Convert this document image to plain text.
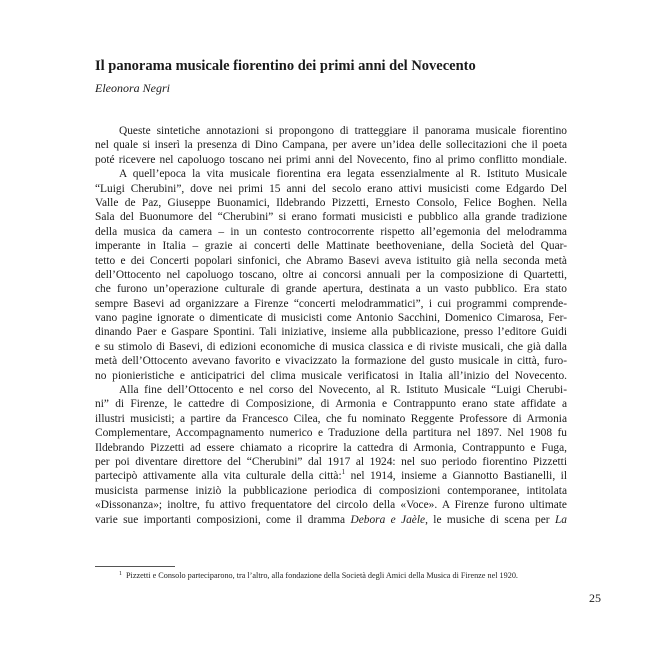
Il panorama musicale fiorentino dei primi anni del Novecento
Eleonora Negri
Queste sintetiche annotazioni si propongono di tratteggiare il panorama musicale fiorentino
nel quale si inserì la presenza di Dino Campana, per avere un’idea delle sollecitazioni che il poeta
poté ricevere nel capoluogo toscano nei primi anni del Novecento, fino al primo conflitto mondiale.
A quell’epoca la vita musicale fiorentina era legata essenzialmente al R. Istituto Musicale
“Luigi Cherubini”, dove nei primi 15 anni del secolo erano attivi musicisti come Edgardo Del
Valle de Paz, Giuseppe Buonamici, Ildebrando Pizzetti, Ernesto Consolo, Felice Boghen. Nella
Sala del Buonumore del “Cherubini” si erano formati musicisti e pubblico alla grande tradizione
della musica da camera – in un contesto controcorrente rispetto all’egemonia del melodramma
imperante in Italia – grazie ai concerti delle Mattinate beethoveniane, della Società del Quar-
tetto e dei Concerti popolari sinfonici, che Abramo Basevi aveva istituito già nella seconda metà
dell’Ottocento nel capoluogo toscano, oltre ai concorsi annuali per la composizione di Quartetti,
che furono un’operazione culturale di grande apertura, destinata a un vasto pubblico. Era stato
sempre Basevi ad organizzare a Firenze “concerti melodrammatici”, i cui programmi comprende-
vano pagine ignorate o dimenticate di musicisti come Antonio Sacchini, Domenico Cimarosa, Fer-
dinando Paer e Gaspare Spontini. Tali iniziative, insieme alla pubblicazione, presso l’editore Guidi
e su stimolo di Basevi, di edizioni economiche di musica classica e di riviste musicali, che già dalla
metà dell’Ottocento avevano favorito e vivacizzato la formazione del gusto musicale in città, furo-
no pionieristiche e anticipatrici del clima musicale verificatosi in Italia all’inizio del Novecento.
Alla fine dell’Ottocento e nel corso del Novecento, al R. Istituto Musicale “Luigi Cherubi-
ni” di Firenze, le cattedre di Composizione, di Armonia e Contrappunto erano state affidate a
illustri musicisti; a partire da Francesco Cilea, che fu nominato Reggente Professore di Armonia
Complementare, Accompagnamento numerico e Traduzione della partitura nel 1897. Nel 1908 fu
Ildebrando Pizzetti ad essere chiamato a ricoprire la cattedra di Armonia, Contrappunto e Fuga,
per poi diventare direttore del “Cherubini” dal 1917 al 1924: nel suo periodo fiorentino Pizzetti
partecipò attivamente alla vita culturale della città:$^1$ nel 1914, insieme a Giannotto Bastianelli, il
musicista parmense iniziò la pubblicazione periodica di composizioni contemporanee, intitolata
«Dissonanza»; inoltre, fu attivo frequentatore del circolo della «Voce». A Firenze furono ultimate
varie sue importanti composizioni, come il dramma Debora e Jaèle, le musiche di scena per La
$^1$ Pizzetti e Consolo parteciparono, tra l’altro, alla fondazione della Società degli Amici della Musica di Firenze nel 1920.
25
